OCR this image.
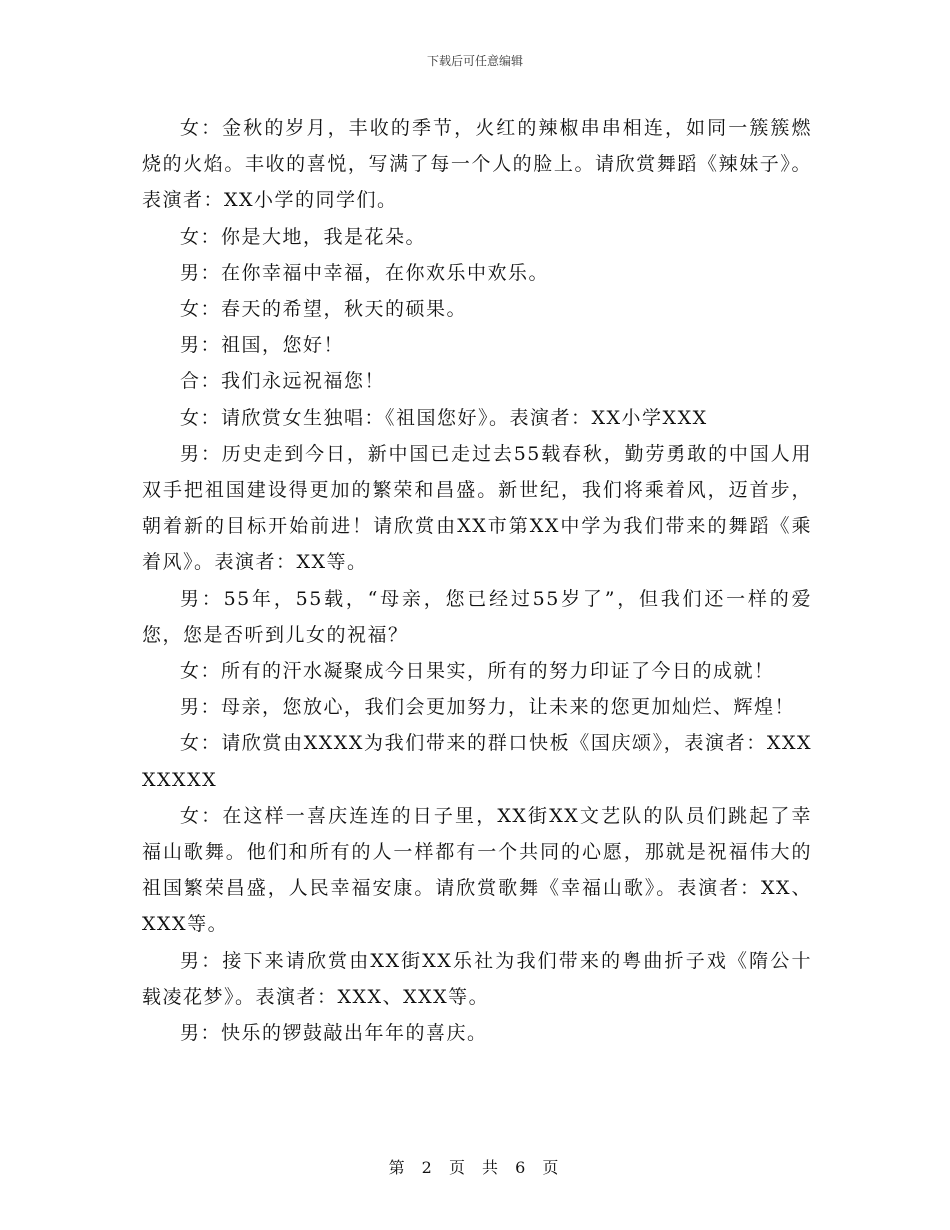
下载后可任意编辑

女：金秋的岁月，丰收的季节，火红的辣椒串串相连，如同一簇簇燃烧的火焰。丰收的喜悦，写满了每一个人的脸上。请欣赏舞蹈《辣妹子》。表演者：XX小学的同学们。

女：你是大地，我是花朵。

男：在你幸福中幸福，在你欢乐中欢乐。

女：春天的希望，秋天的硕果。

男：祖国，您好！

合：我们永远祝福您！

女：请欣赏女生独唱：《祖国您好》。表演者：XX小学XXX

男：历史走到今日，新中国已走过去55载春秋，勤劳勇敢的中国人用双手把祖国建设得更加的繁荣和昌盛。新世纪，我们将乘着风，迈首步，朝着新的目标开始前进！请欣赏由XX市第XX中学为我们带来的舞蹈《乘着风》。表演者：XX等。

男：55年，55载，“母亲，您已经过55岁了”，但我们还一样的爱您，您是否听到儿女的祝福？

女：所有的汗水凝聚成今日果实，所有的努力印证了今日的成就！

男：母亲，您放心，我们会更加努力，让未来的您更加灿烂、辉煌！

女：请欣赏由XXXX为我们带来的群口快板《国庆颂》，表演者：XXXXXXXX

女：在这样一喜庆连连的日子里，XX街XX文艺队的队员们跳起了幸福山歌舞。他们和所有的人一样都有一个共同的心愿，那就是祝福伟大的祖国繁荣昌盛，人民幸福安康。请欣赏歌舞《幸福山歌》。表演者：XX、XXX等。

男：接下来请欣赏由XX街XX乐社为我们带来的粤曲折子戏《隋公十载凌花梦》。表演者：XXX、XXX等。

男：快乐的锣鼓敲出年年的喜庆。

第 2 页 共 6 页
